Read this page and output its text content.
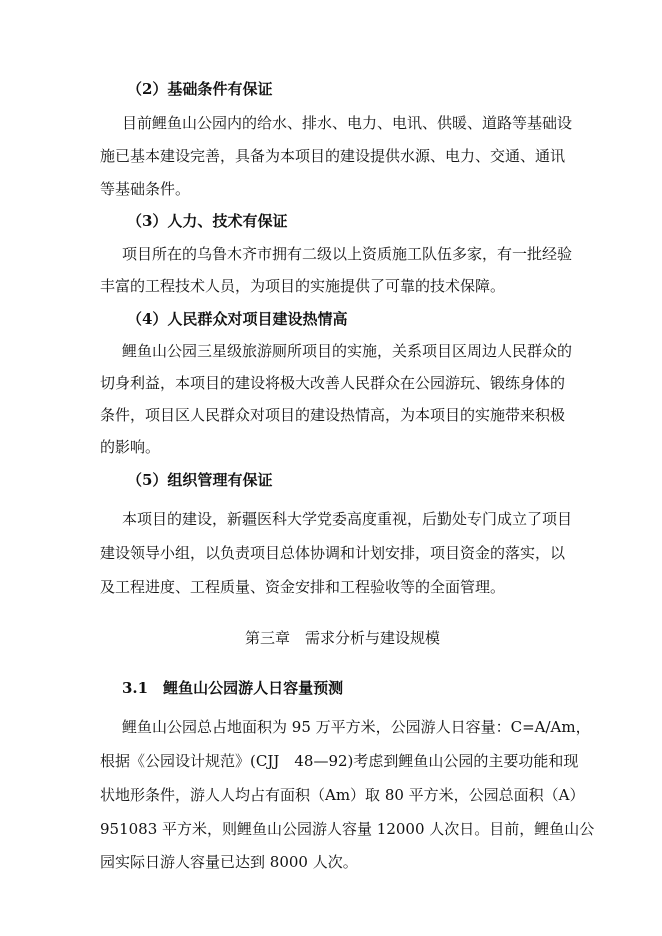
（2）基础条件有保证
目前鲤鱼山公园内的给水、排水、电力、电讯、供暖、道路等基础设
施已基本建设完善，具备为本项目的建设提供水源、电力、交通、通讯
等基础条件。
（3）人力、技术有保证
项目所在的乌鲁木齐市拥有二级以上资质施工队伍多家，有一批经验
丰富的工程技术人员，为项目的实施提供了可靠的技术保障。
（4）人民群众对项目建设热情高
鲤鱼山公园三星级旅游厕所项目的实施，关系项目区周边人民群众的
切身利益，本项目的建设将极大改善人民群众在公园游玩、锻练身体的
条件，项目区人民群众对项目的建设热情高，为本项目的实施带来积极
的影响。
（5）组织管理有保证
本项目的建设，新疆医科大学党委高度重视，后勤处专门成立了项目
建设领导小组，以负责项目总体协调和计划安排，项目资金的落实，以
及工程进度、工程质量、资金安排和工程验收等的全面管理。
第三章　需求分析与建设规模
3.1　鲤鱼山公园游人日容量预测
鲤鱼山公园总占地面积为 95 万平方米，公园游人日容量：C=A/Am，
根据《公园设计规范》(CJJ　48—92)考虑到鲤鱼山公园的主要功能和现
状地形条件，游人人均占有面积（Am）取 80 平方米，公园总面积（A）
951083 平方米，则鲤鱼山公园游人容量 12000 人次日。目前，鲤鱼山公
园实际日游人容量已达到 8000 人次。
